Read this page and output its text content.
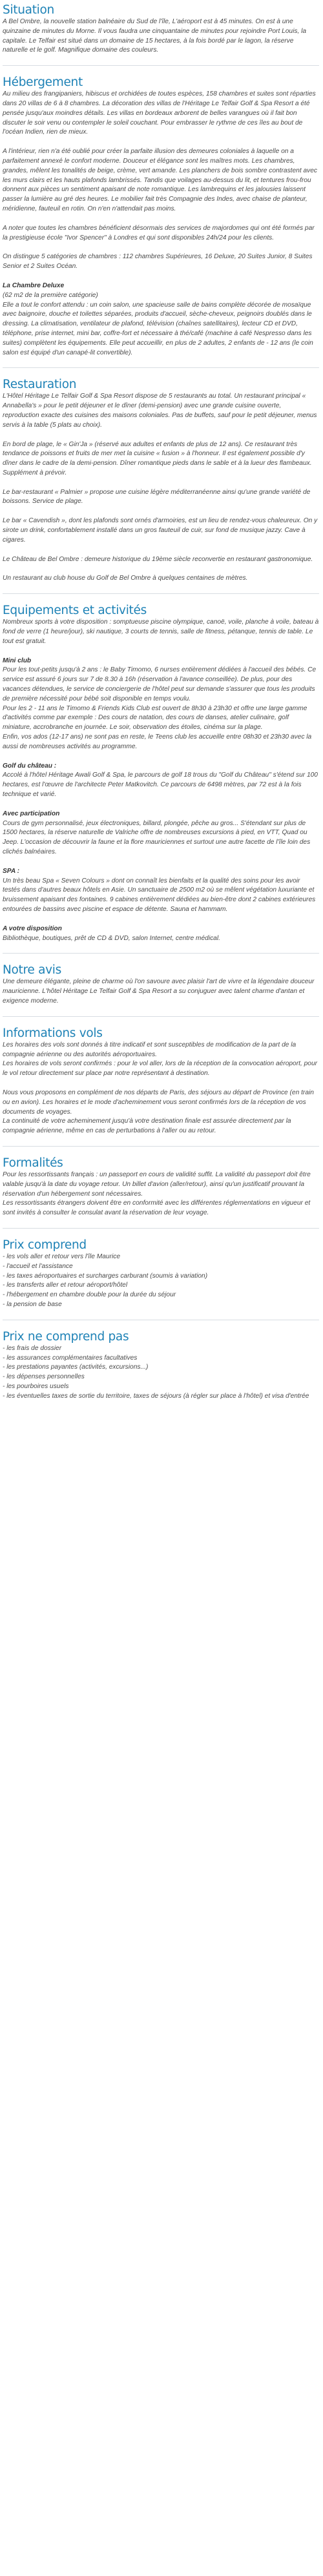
Situation

A Bel Ombre, la nouvelle station balnéaire du Sud de l'île, L'aéroport est à 45 minutes. On est à une quinzaine de minutes du Morne. Il vous faudra une cinquantaine de minutes pour rejoindre Port Louis, la capitale. Le Telfair est situé dans un domaine de 15 hectares, à la fois bordé par le lagon, la réserve naturelle et le golf. Magnifique domaine des couleurs.

Hébergement

Au milieu des frangipaniers, hibiscus et orchidées de toutes espèces, 158 chambres et suites sont réparties dans 20 villas de 6 à 8 chambres. La décoration des villas de l'Héritage Le Telfair Golf & Spa Resort a été pensée jusqu'aux moindres détails. Les villas en bordeaux arborent de belles varangues où il fait bon discuter le soir venu ou contempler le soleil couchant. Pour embrasser le rythme de ces îles au bout de l'océan Indien, rien de mieux.

A l'intérieur, rien n'a été oublié pour créer la parfaite illusion des demeures coloniales à laquelle on a parfaitement annexé le confort moderne. Douceur et élégance sont les maîtres mots. Les chambres, grandes, mêlent les tonalités de beige, crème, vert amande. Les planchers de bois sombre contrastent avec les murs clairs et les hauts plafonds lambrissés. Tandis que voilages au-dessus du lit, et tentures frou-frou donnent aux pièces un sentiment apaisant de note romantique. Les lambrequins et les jalousies laissent passer la lumière au gré des heures. Le mobilier fait très Compagnie des Indes, avec chaise de planteur, méridienne, fauteuil en rotin. On n'en n'attendait pas moins.

A noter que toutes les chambres bénéficient désormais des services de majordomes qui ont été formés par la prestigieuse école "Ivor Spencer" à Londres et qui sont disponibles 24h/24 pour les clients.

On distingue 5 catégories de chambres : 112 chambres Supérieures, 16 Deluxe, 20 Suites Junior, 8 Suites Senior et 2 Suites Océan.

La Chambre Deluxe
(62 m2 de la première catégorie)
Elle a tout le confort attendu : un coin salon, une spacieuse salle de bains complète décorée de mosaïque avec baignoire, douche et toilettes séparées, produits d'accueil, sèche-cheveux, peignoirs doublés dans le dressing. La climatisation, ventilateur de plafond, télévision (chaînes satellitaires), lecteur CD et DVD, téléphone, prise internet, mini bar, coffre-fort et nécessaire à thé/café (machine à café Nespresso dans les suites) complètent les équipements. Elle peut accueillir, en plus de 2 adultes, 2 enfants de - 12 ans (le coin salon est équipé d'un canapé-lit convertible).

Restauration

L'Hôtel Héritage Le Telfair Golf & Spa Resort dispose de 5 restaurants au total. Un restaurant principal « Annabella's » pour le petit déjeuner et le dîner (demi-pension) avec une grande cuisine ouverte, reproduction exacte des cuisines des maisons coloniales. Pas de buffets, sauf pour le petit déjeuner, menus servis à la table (5 plats au choix).

En bord de plage, le « Gin'Ja » (réservé aux adultes et enfants de plus de 12 ans). Ce restaurant très tendance de poissons et fruits de mer met la cuisine « fusion » à l'honneur. Il est également possible d'y dîner dans le cadre de la demi-pension. Dîner romantique pieds dans le sable et à la lueur des flambeaux. Supplément à prévoir.

Le bar-restaurant « Palmier » propose une cuisine légère méditerranéenne ainsi qu'une grande variété de boissons. Service de plage.

Le bar « Cavendish », dont les plafonds sont ornés d'armoiries, est un lieu de rendez-vous chaleureux. On y sirote un drink, confortablement installé dans un gros fauteuil de cuir, sur fond de musique jazzy. Cave à cigares.

Le Château de Bel Ombre : demeure historique du 19ème siècle reconvertie en restaurant gastronomique.

Un restaurant au club house du Golf de Bel Ombre à quelques centaines de mètres.

Equipements et activités

Nombreux sports à votre disposition : somptueuse piscine olympique, canoë, voile, planche à voile, bateau à fond de verre (1 heure/jour), ski nautique, 3 courts de tennis, salle de fitness, pétanque, tennis de table. Le tout est gratuit.

Mini club
Pour les tout-petits jusqu'à 2 ans : le Baby Timomo, 6 nurses entièrement dédiées à l'accueil des bébés. Ce service est assuré 6 jours sur 7 de 8.30 à 16h (réservation à l'avance conseillée). De plus, pour des vacances détendues, le service de conciergerie de l'hôtel peut sur demande s'assurer que tous les produits de première nécessité pour bébé soit disponible en temps voulu.
Pour les 2 - 11 ans le Timomo & Friends Kids Club est ouvert de 8h30 à 23h30 et offre une large gamme d'activités comme par exemple : Des cours de natation, des cours de danses, atelier culinaire, golf miniature, accrobranche en journée. Le soir, observation des étoiles, cinéma sur la plage.
Enfin, vos ados (12-17 ans) ne sont pas en reste, le Teens club les accueille entre 08h30 et 23h30 avec la aussi de nombreuses activités au programme.

Golf du château :
Accolé à l'hôtel Héritage Awali Golf & Spa, le parcours de golf 18 trous du "Golf du Château" s'étend sur 100 hectares, est l'œuvre de l'architecte Peter Matkovitch. Ce parcours de 6498 mètres, par 72 est à la fois technique et varié.

Avec participation
Cours de gym personnalisé, jeux électroniques, billard, plongée, pêche au gros... S'étendant sur plus de 1500 hectares, la réserve naturelle de Valriche offre de nombreuses excursions à pied, en VTT, Quad ou Jeep. L'occasion de découvrir la faune et la flore mauriciennes et surtout une autre facette de l'île loin des clichés balnéaires.

SPA :
Un très beau Spa « Seven Colours » dont on connaît les bienfaits et la qualité des soins pour les avoir testés dans d'autres beaux hôtels en Asie. Un sanctuaire de 2500 m2 où se mêlent végétation luxuriante et bruissement apaisant des fontaines. 9 cabines entièrement dédiées au bien-être dont 2 cabines extérieures entourées de bassins avec piscine et espace de détente. Sauna et hammam.

A votre disposition
Bibliothèque, boutiques, prêt de CD & DVD, salon Internet, centre médical.

Notre avis

Une demeure élégante, pleine de charme où l'on savoure avec plaisir l'art de vivre et la légendaire douceur mauricienne. L'hôtel Héritage Le Telfair Golf & Spa Resort a su conjuguer avec talent charme d'antan et exigence moderne.

Informations vols

Les horaires des vols sont donnés à titre indicatif et sont susceptibles de modification de la part de la compagnie aérienne ou des autorités aéroportuaires.
Les horaires de vols seront confirmés : pour le vol aller, lors de la réception de la convocation aéroport, pour le vol retour directement sur place par notre représentant à destination.

Nous vous proposons en complément de nos départs de Paris, des séjours au départ de Province (en train ou en avion). Les horaires et le mode d'acheminement vous seront confirmés lors de la réception de vos documents de voyages.
La continuité de votre acheminement jusqu'à votre destination finale est assurée directement par la compagnie aérienne, même en cas de perturbations à l'aller ou au retour.

Formalités

Pour les ressortissants français : un passeport en cours de validité suffit. La validité du passeport doit être valable jusqu'à la date du voyage retour. Un billet d'avion (aller/retour), ainsi qu'un justificatif prouvant la réservation d'un hébergement sont nécessaires.
Les ressortissants étrangers doivent être en conformité avec les différentes réglementations en vigueur et sont invités à consulter le consulat avant la réservation de leur voyage.

Prix comprend

- les vols aller et retour vers l'île Maurice
- l'accueil et l'assistance
- les taxes aéroportuaires et surcharges carburant (soumis à variation)
- les transferts aller et retour aéroport/hôtel
- l'hébergement en chambre double pour la durée du séjour
- la pension de base

Prix ne comprend pas

- les frais de dossier
- les assurances complémentaires facultatives
- les prestations payantes (activités, excursions...)
- les dépenses personnelles
- les pourboires usuels
- les éventuelles taxes de sortie du territoire, taxes de séjours (à régler sur place à l'hôtel) et visa d'entrée
